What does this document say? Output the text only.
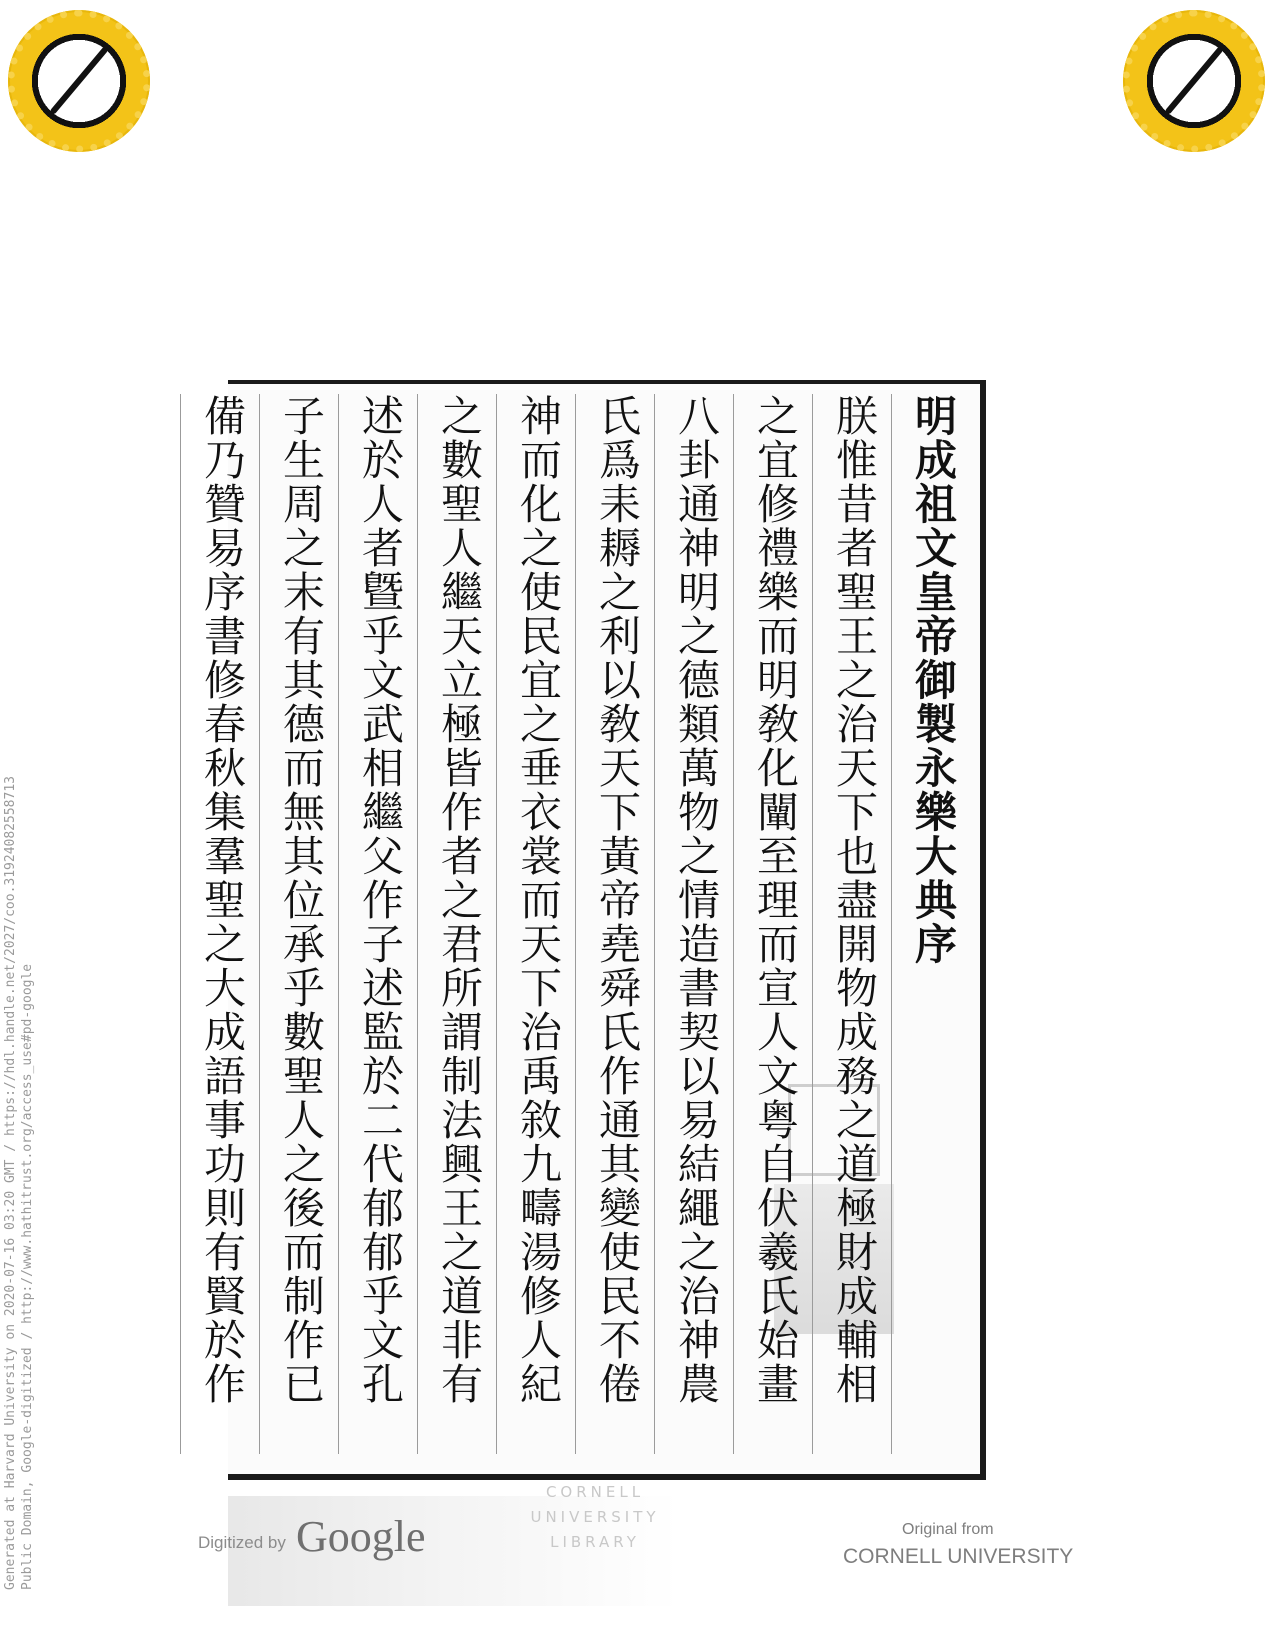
Generated at Harvard University on 2020-07-16 03:20 GMT / https://hdl.handle.net/2027/coo.31924082558713 Public Domain, Google-digitized / http://www.hathitrust.org/access_use#pd-google
明成祖文皇帝御製永樂大典序
朕惟昔者聖王之治天下也盡開物成務之道極財成輔相
之宜修禮樂而明敎化闡至理而宣人文粤自伏羲氏始畫
八卦通神明之德類萬物之情造書契以易結繩之治神農
氏爲耒耨之利以敎天下黃帝堯舜氏作通其變使民不倦
神而化之使民宜之垂衣裳而天下治禹敘九疇湯修人紀
之數聖人繼天立極皆作者之君所謂制法興王之道非有
述於人者曁乎文武相繼父作子述監於二代郁郁乎文孔
子生周之末有其德而無其位承乎數聖人之後而制作已
備乃贊易序書修春秋集羣聖之大成語事功則有賢於作
CORNELL
UNIVERSITY
LIBRARY
Digitized by Google	Original from
CORNELL UNIVERSITY
